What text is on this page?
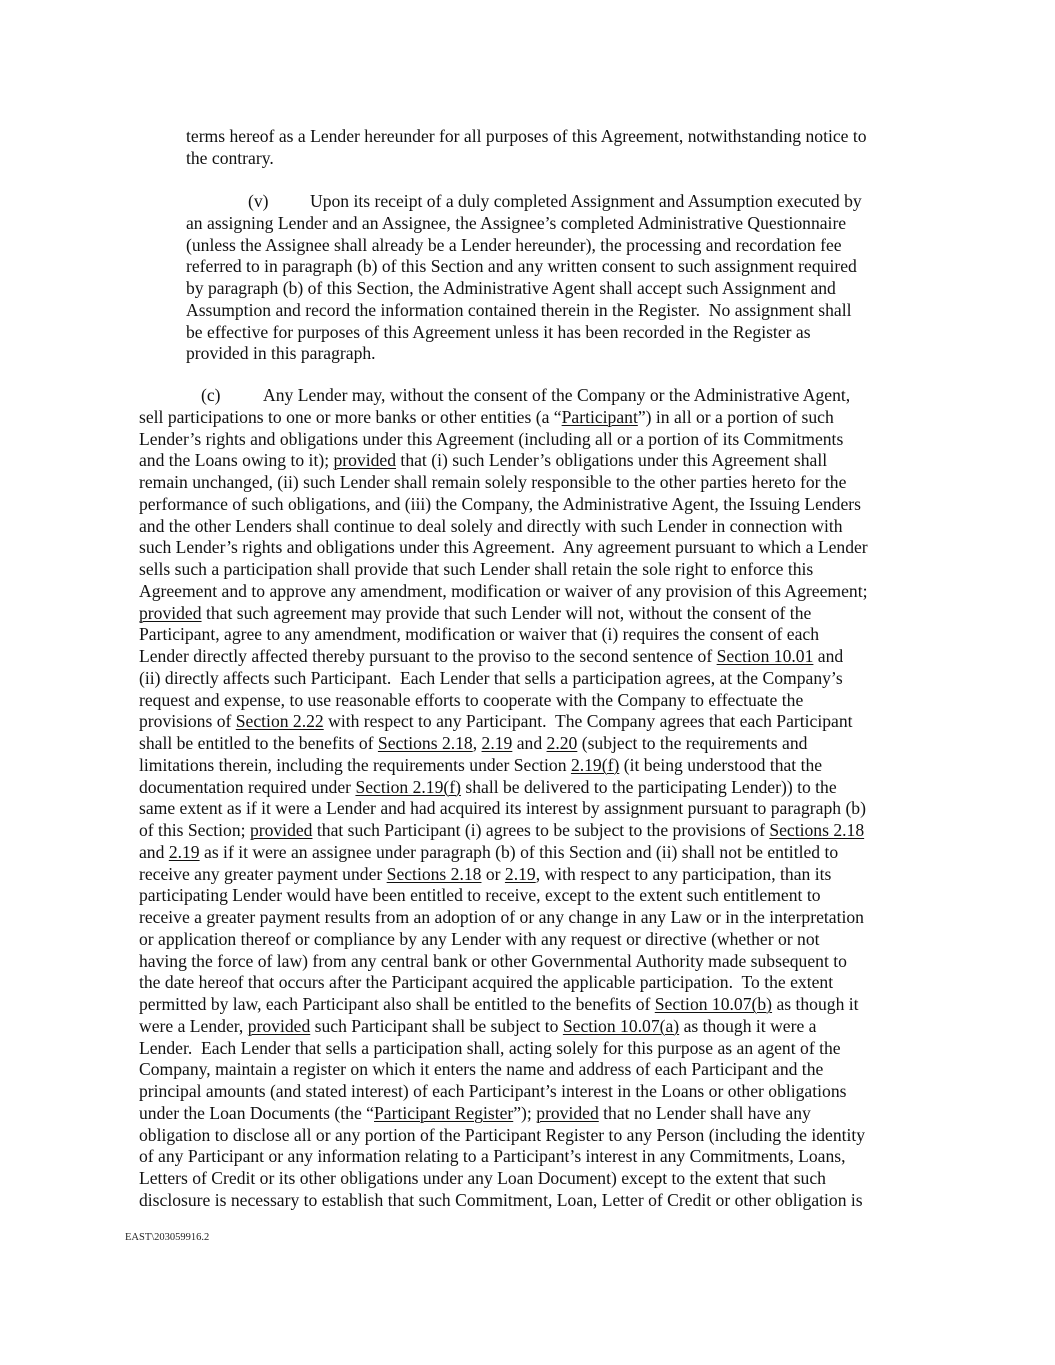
terms hereof as a Lender hereunder for all purposes of this Agreement, notwithstanding notice to
the contrary.
(v) Upon its receipt of a duly completed Assignment and Assumption executed by
an assigning Lender and an Assignee, the Assignee’s completed Administrative Questionnaire
(unless the Assignee shall already be a Lender hereunder), the processing and recordation fee
referred to in paragraph (b) of this Section and any written consent to such assignment required
by paragraph (b) of this Section, the Administrative Agent shall accept such Assignment and
Assumption and record the information contained therein in the Register.  No assignment shall
be effective for purposes of this Agreement unless it has been recorded in the Register as
provided in this paragraph.
(c) Any Lender may, without the consent of the Company or the Administrative Agent,
sell participations to one or more banks or other entities (a “Participant”) in all or a portion of such
Lender’s rights and obligations under this Agreement (including all or a portion of its Commitments
and the Loans owing to it); provided that (i) such Lender’s obligations under this Agreement shall
remain unchanged, (ii) such Lender shall remain solely responsible to the other parties hereto for the
performance of such obligations, and (iii) the Company, the Administrative Agent, the Issuing Lenders
and the other Lenders shall continue to deal solely and directly with such Lender in connection with
such Lender’s rights and obligations under this Agreement.  Any agreement pursuant to which a Lender
sells such a participation shall provide that such Lender shall retain the sole right to enforce this
Agreement and to approve any amendment, modification or waiver of any provision of this Agreement;
provided that such agreement may provide that such Lender will not, without the consent of the
Participant, agree to any amendment, modification or waiver that (i) requires the consent of each
Lender directly affected thereby pursuant to the proviso to the second sentence of Section 10.01 and
(ii) directly affects such Participant.  Each Lender that sells a participation agrees, at the Company’s
request and expense, to use reasonable efforts to cooperate with the Company to effectuate the
provisions of Section 2.22 with respect to any Participant.  The Company agrees that each Participant
shall be entitled to the benefits of Sections 2.18, 2.19 and 2.20 (subject to the requirements and
limitations therein, including the requirements under Section 2.19(f) (it being understood that the
documentation required under Section 2.19(f) shall be delivered to the participating Lender)) to the
same extent as if it were a Lender and had acquired its interest by assignment pursuant to paragraph (b)
of this Section; provided that such Participant (i) agrees to be subject to the provisions of Sections 2.18
and 2.19 as if it were an assignee under paragraph (b) of this Section and (ii) shall not be entitled to
receive any greater payment under Sections 2.18 or 2.19, with respect to any participation, than its
participating Lender would have been entitled to receive, except to the extent such entitlement to
receive a greater payment results from an adoption of or any change in any Law or in the interpretation
or application thereof or compliance by any Lender with any request or directive (whether or not
having the force of law) from any central bank or other Governmental Authority made subsequent to
the date hereof that occurs after the Participant acquired the applicable participation.  To the extent
permitted by law, each Participant also shall be entitled to the benefits of Section 10.07(b) as though it
were a Lender, provided such Participant shall be subject to Section 10.07(a) as though it were a
Lender.  Each Lender that sells a participation shall, acting solely for this purpose as an agent of the
Company, maintain a register on which it enters the name and address of each Participant and the
principal amounts (and stated interest) of each Participant’s interest in the Loans or other obligations
under the Loan Documents (the “Participant Register”); provided that no Lender shall have any
obligation to disclose all or any portion of the Participant Register to any Person (including the identity
of any Participant or any information relating to a Participant’s interest in any Commitments, Loans,
Letters of Credit or its other obligations under any Loan Document) except to the extent that such
disclosure is necessary to establish that such Commitment, Loan, Letter of Credit or other obligation is
EAST\203059916.2
